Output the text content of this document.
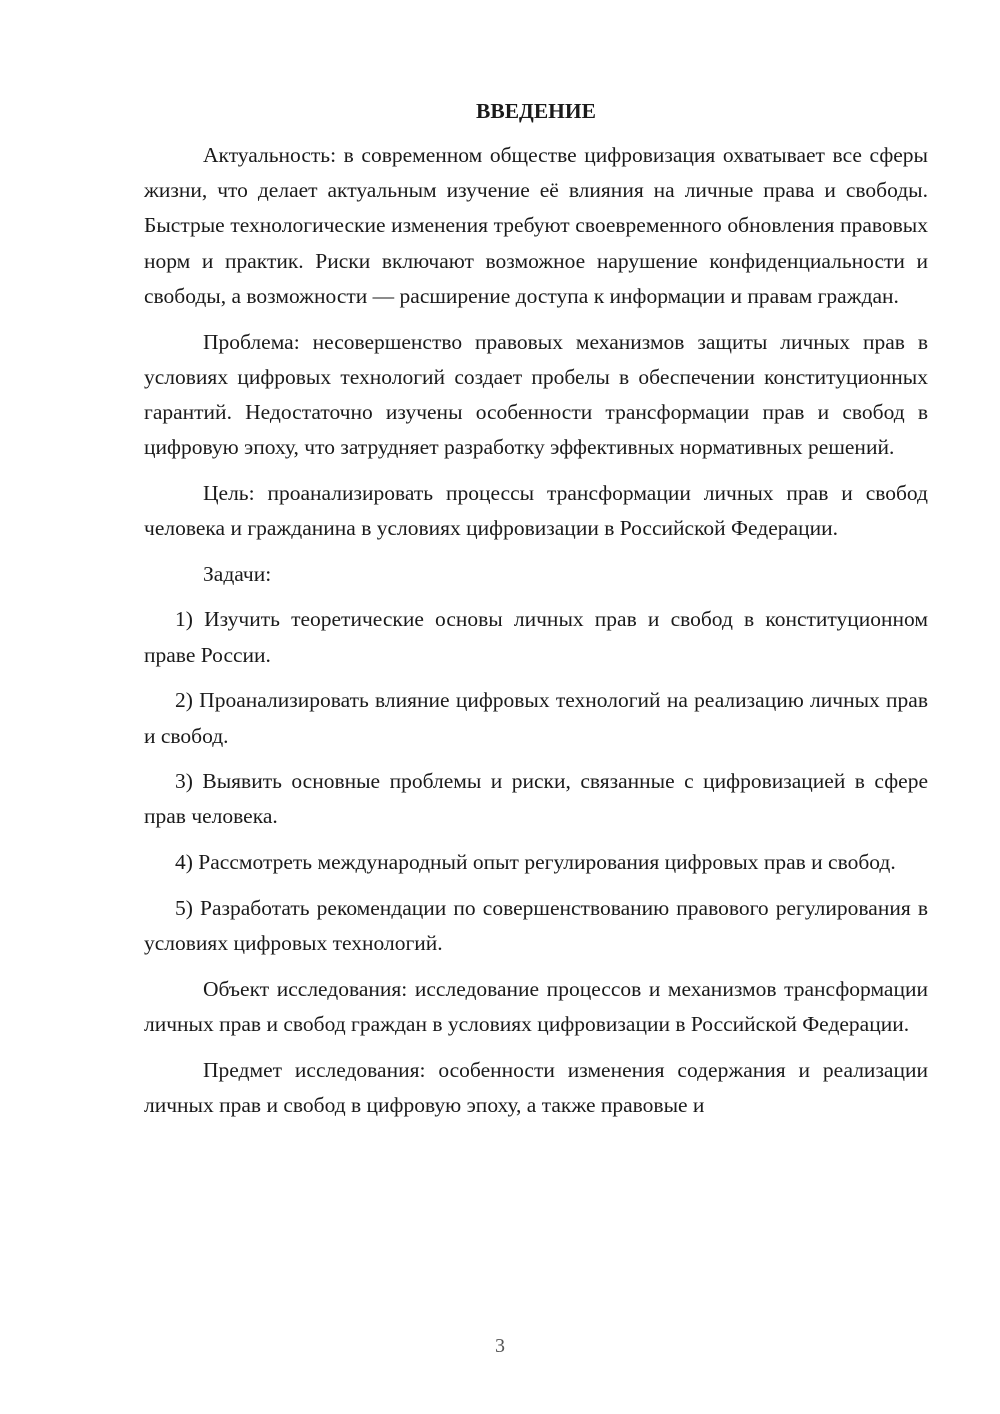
ВВЕДЕНИЕ

Актуальность: в современном обществе цифровизация охватывает все сферы жизни, что делает актуальным изучение её влияния на личные права и свободы. Быстрые технологические изменения требуют своевременного обновления правовых норм и практик. Риски включают возможное нарушение конфиденциальности и свободы, а возможности — расширение доступа к информации и правам граждан.

Проблема: несовершенство правовых механизмов защиты личных прав в условиях цифровых технологий создает пробелы в обеспечении конституционных гарантий. Недостаточно изучены особенности трансформации прав и свобод в цифровую эпоху, что затрудняет разработку эффективных нормативных решений.

Цель: проанализировать процессы трансформации личных прав и свобод человека и гражданина в условиях цифровизации в Российской Федерации.

Задачи:

1) Изучить теоретические основы личных прав и свобод в конституционном праве России.

2) Проанализировать влияние цифровых технологий на реализацию личных прав и свобод.

3) Выявить основные проблемы и риски, связанные с цифровизацией в сфере прав человека.

4) Рассмотреть международный опыт регулирования цифровых прав и свобод.

5) Разработать рекомендации по совершенствованию правового регулирования в условиях цифровых технологий.

Объект исследования: исследование процессов и механизмов трансформации личных прав и свобод граждан в условиях цифровизации в Российской Федерации.

Предмет исследования: особенности изменения содержания и реализации личных прав и свобод в цифровую эпоху, а также правовые и

3
